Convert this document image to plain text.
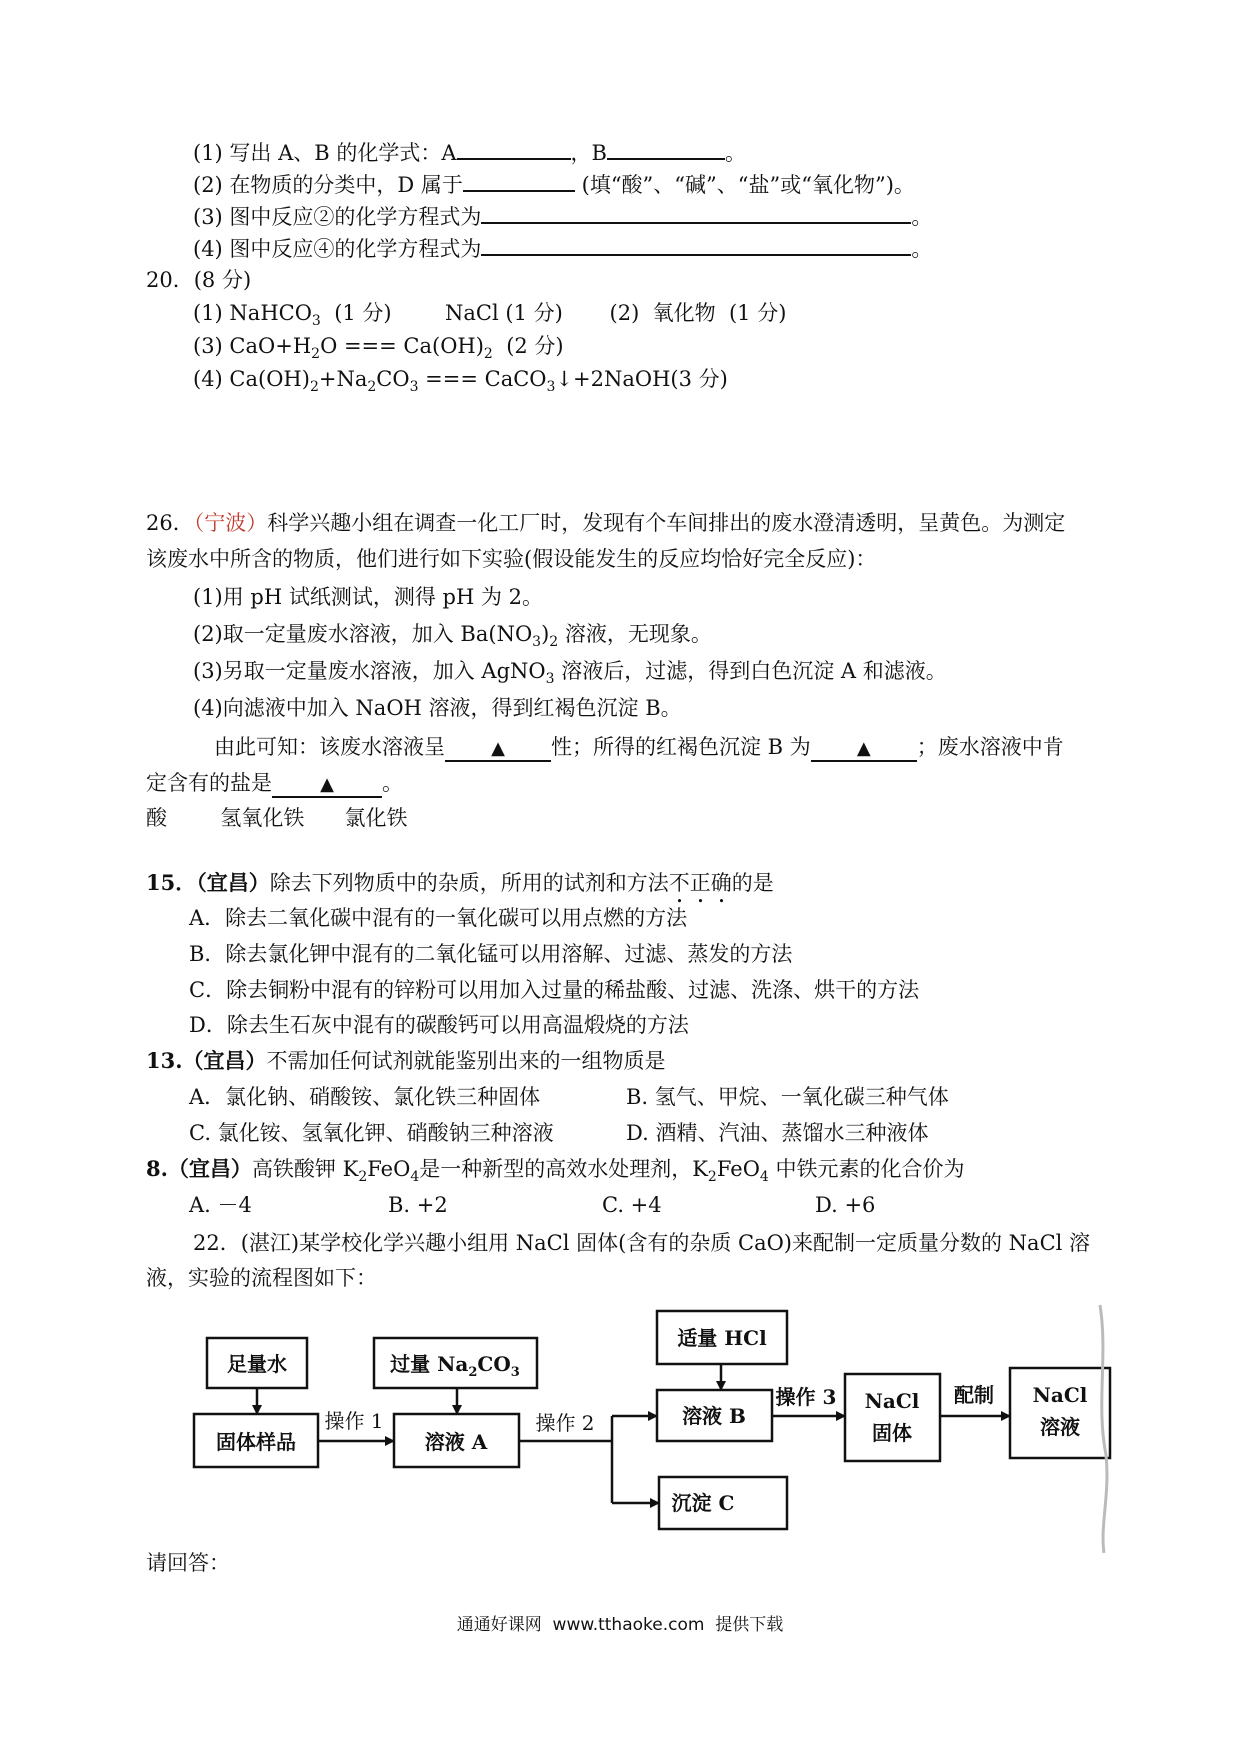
(1) 写出 A、B 的化学式：A	，B	。
(2) 在物质的分类中，D 属于	(填“酸”、“碱”、“盐”或“氧化物”)。
(3) 图中反应②的化学方程式为	。
(4) 图中反应④的化学方程式为	。
20．(8 分)
(1) NaHCO$_3$  (1 分)        NaCl (1 分)       (2)  氧化物  (1 分)
(3) $CaO+H_2O$ === $Ca(OH)_2$  (2 分)
(4) $Ca(OH)_2+Na_2CO_3$ === CaCO$_3$↓+2NaOH(3 分)
26．（宁波）科学兴趣小组在调查一化工厂时，发现有个车间排出的废水澄清透明，呈黄色。为测定
该废水中所含的物质，他们进行如下实验(假设能发生的反应均恰好完全反应)：
(1)用 pH 试纸测试，测得 pH 为 2。
(2)取一定量废水溶液，加入 $Ba(NO_3)_2$ 溶液，无现象。
(3)另取一定量废水溶液，加入 AgNO$_3$ 溶液后，过滤，得到白色沉淀 A 和滤液。
(4)向滤液中加入 NaOH 溶液，得到红褐色沉淀 B。
由此可知：该废水溶液呈	▲ 性；所得的红褐色沉淀 B 为	▲ ；废水溶液中肯
定含有的盐是	▲ 。
酸        氢氧化铁      氯化铁
15．（宜昌）除去下列物质中的杂质，所用的试剂和方法不正确的是
A．除去二氧化碳中混有的一氧化碳可以用点燃的方法
B．除去氯化钾中混有的二氧化锰可以用溶解、过滤、蒸发的方法
C．除去铜粉中混有的锌粉可以用加入过量的稀盐酸、过滤、洗涤、烘干的方法
D．除去生石灰中混有的碳酸钙可以用高温煅烧的方法
13.（宜昌）不需加任何试剂就能鉴别出来的一组物质是
A．氯化钠、硝酸铵、氯化铁三种固体	B. 氢气、甲烷、一氧化碳三种气体
C. 氯化铵、氢氧化钾、硝酸钠三种溶液	D. 酒精、汽油、蒸馏水三种液体
8.（宜昌）高铁酸钾 $K_2FeO_4$是一种新型的高效水处理剂，$K_2FeO_4$ 中铁元素的化合价为
A. －4	B. +2	C. +4	D. +6
22．(湛江)某学校化学兴趣小组用 NaCl 固体(含有的杂质 CaO)来配制一定质量分数的 NaCl 溶
液，实验的流程图如下：
足量水
固体样品
操作 1
过量 $Na_2CO_3$
溶液 A
操作 2
适量 HCl
溶液 B
操作 3 NaCl
固体
配制 NaCl
溶液
沉淀 C
请回答：
通通好课网  www.tthaoke.com  提供下载
